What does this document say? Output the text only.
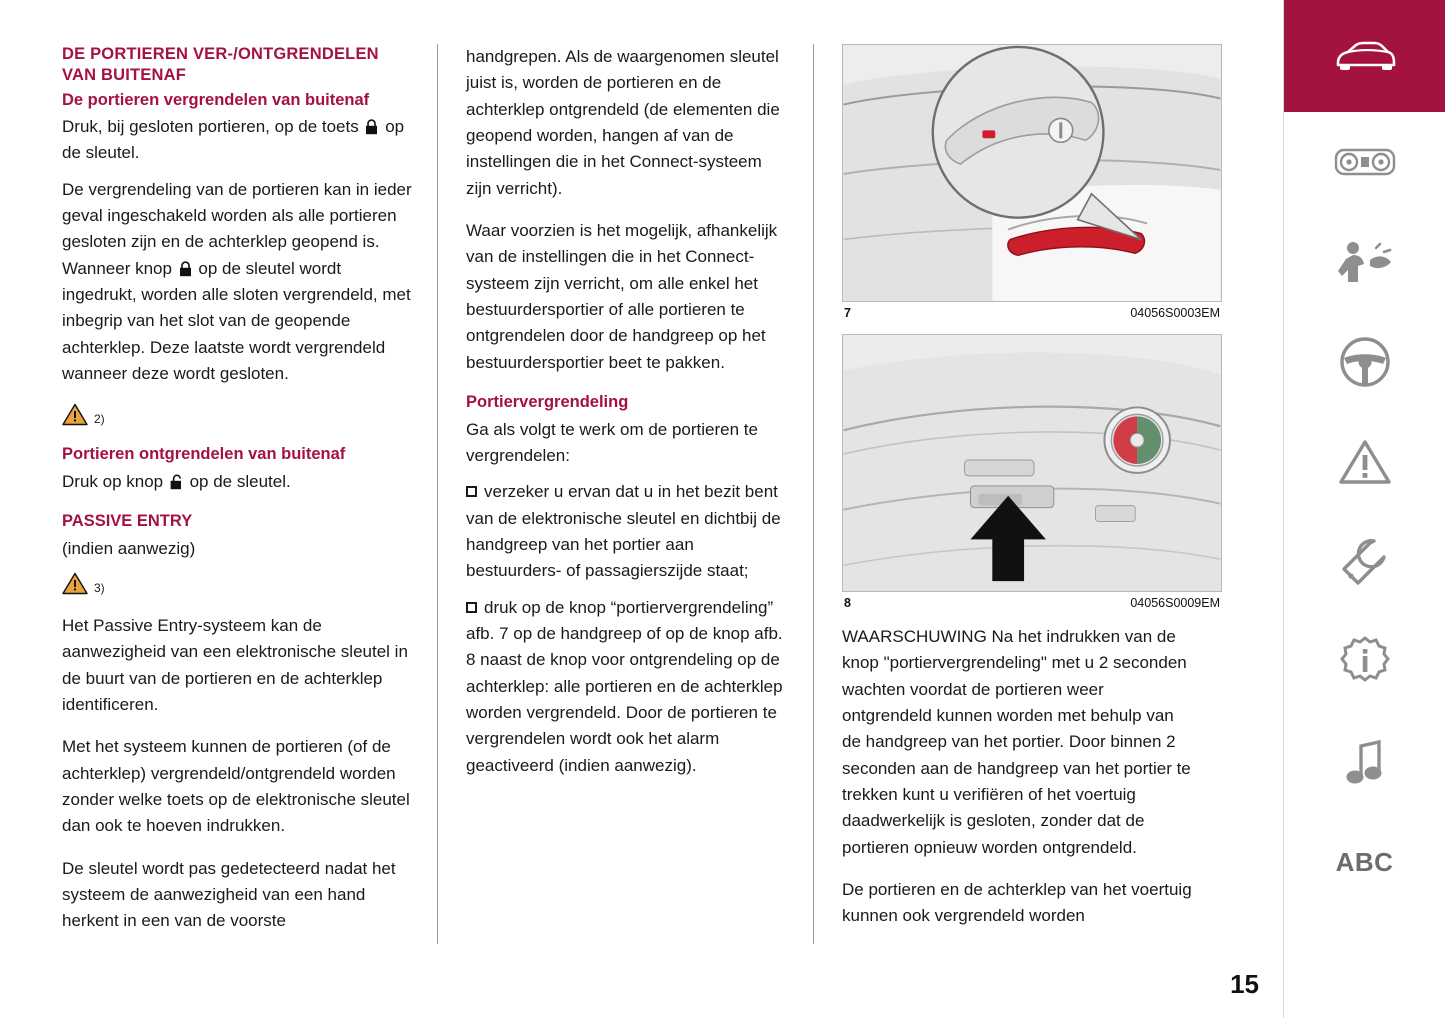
DE PORTIEREN VER-/ONTGRENDELEN VAN BUITENAF
De portieren vergrendelen van buitenaf

Druk, bij gesloten portieren, op de toets op de sleutel.

De vergrendeling van de portieren kan in ieder geval ingeschakeld worden als alle portieren gesloten zijn en de achterklep geopend is. Wanneer knop op de sleutel wordt ingedrukt, worden alle sloten vergrendeld, met inbegrip van het slot van de geopende achterklep. Deze laatste wordt vergrendeld wanneer deze wordt gesloten.

2)
Portieren ontgrendelen van buitenaf

Druk op knop op de sleutel.

PASSIVE ENTRY

(indien aanwezig)

3)

Het Passive Entry-systeem kan de aanwezigheid van een elektronische sleutel in de buurt van de portieren en de achterklep identificeren.

Met het systeem kunnen de portieren (of de achterklep) vergrendeld/ontgrendeld worden zonder welke toets op de elektronische sleutel dan ook te hoeven indrukken.

De sleutel wordt pas gedetecteerd nadat het systeem de aanwezigheid van een hand herkent in een van de voorste

handgrepen. Als de waargenomen sleutel juist is, worden de portieren en de achterklep ontgrendeld (de elementen die geopend worden, hangen af van de instellingen die in het Connect-systeem zijn verricht).

Waar voorzien is het mogelijk, afhankelijk van de instellingen die in het Connect-systeem zijn verricht, om alle enkel het bestuurdersportier of alle portieren te ontgrendelen door de handgreep op het bestuurdersportier beet te pakken.

Portiervergrendeling

Ga als volgt te werk om de portieren te vergrendelen:

verzeker u ervan dat u in het bezit bent van de elektronische sleutel en dichtbij de handgreep van het portier aan bestuurders- of passagierszijde staat;

druk op de knop “portiervergrendeling” afb. 7 op de handgreep of op de knop afb. 8 naast de knop voor ontgrendeling op de achterklep: alle portieren en de achterklep worden vergrendeld. Door de portieren te vergrendelen wordt ook het alarm geactiveerd (indien aanwezig).

7	04056S0003EM
8	04056S0009EM

WAARSCHUWING Na het indrukken van de knop "portiervergrendeling" met u 2 seconden wachten voordat de portieren weer ontgrendeld kunnen worden met behulp van de handgreep van het portier. Door binnen 2 seconden aan de handgreep van het portier te trekken kunt u verifiëren of het voertuig daadwerkelijk is gesloten, zonder dat de portieren opnieuw worden ontgrendeld.

De portieren en de achterklep van het voertuig kunnen ook vergrendeld worden

15
ABC
